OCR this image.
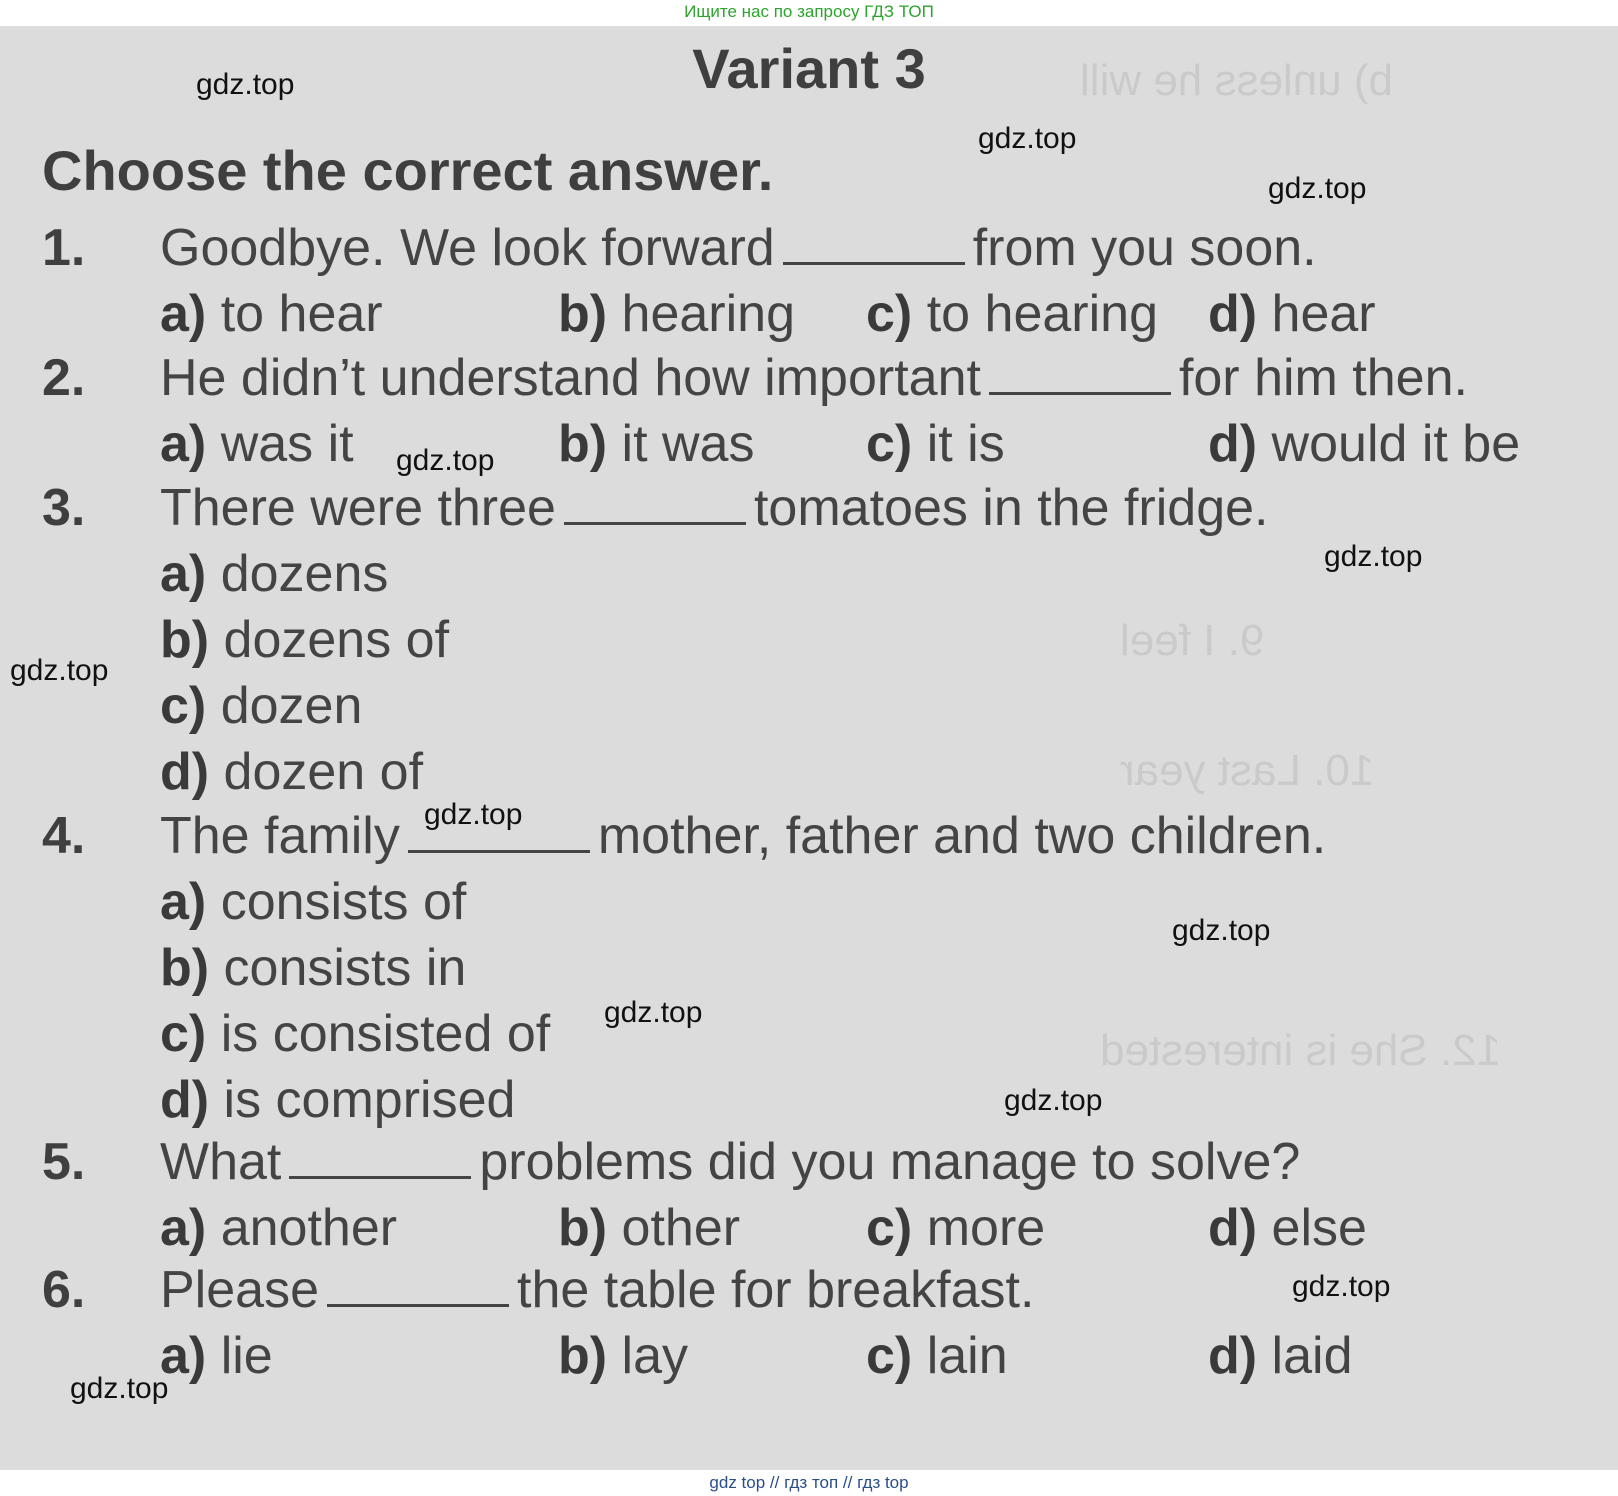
Ищите нас по запросу ГДЗ ТОП
b) unless he will
9. I feel
10. Last year
12. She is interested
Variant 3
Choose the correct answer.
1. Goodbye. We look forward	from you soon.
a) to hear	b) hearing c) to hearing d) hear
2. He didn’t understand how important	for him then.
a) was it	b) it was c) it is	d) would it be
3. There were three	tomatoes in the fridge.
a) dozens
b) dozens of
c) dozen
d) dozen of
4. The family	mother, father and two children.
a) consists of
b) consists in
c) is consisted of
d) is comprised
5. What	problems did you manage to solve?
a) another	b) other c) more	d) else
6. Please	the table for breakfast.
a) lie	b) lay	c) lain	d) laid
gdz.top
gdz.top
gdz.top
gdz.top
gdz.top
gdz.top
gdz.top
gdz.top
gdz.top
gdz.top
gdz.top
gdz.top
gdz top // гдз топ // гдз top
